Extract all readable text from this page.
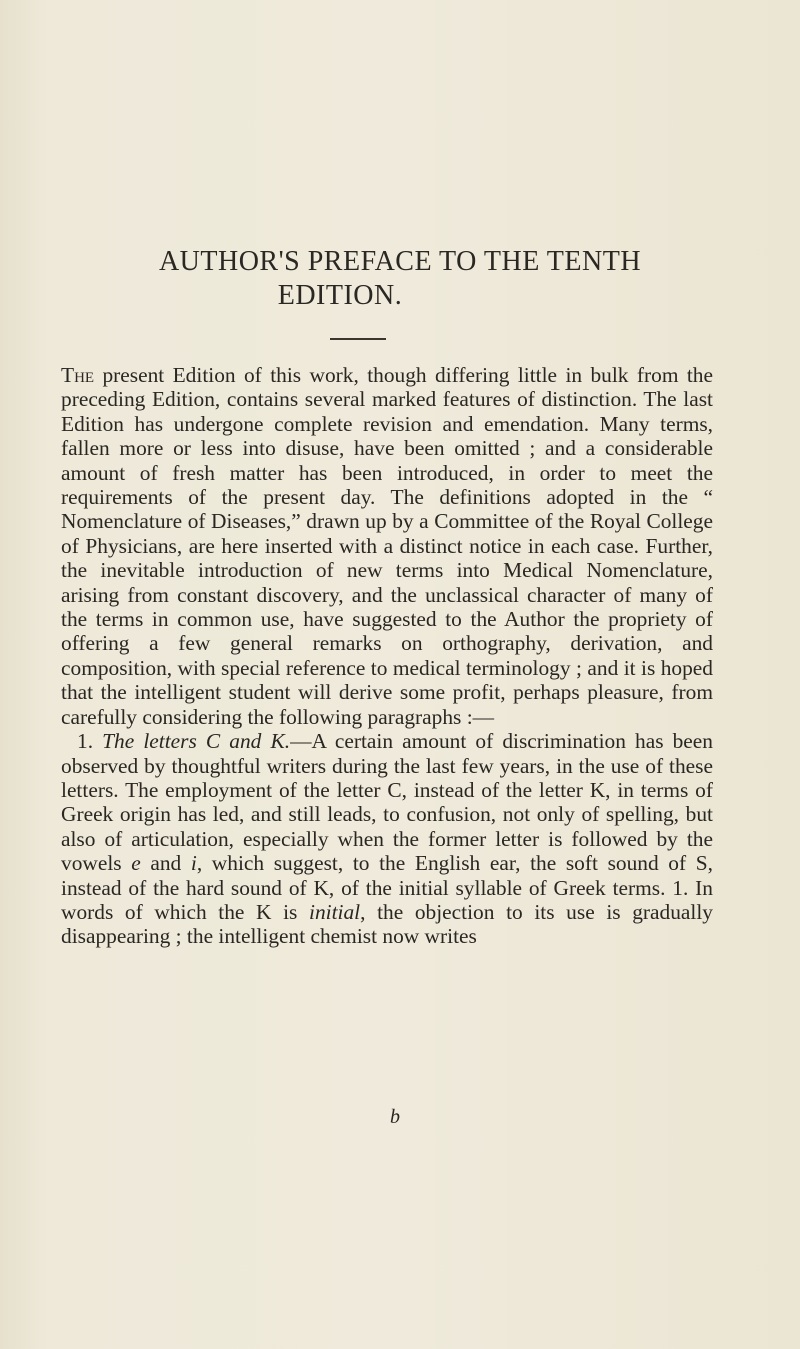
AUTHOR'S PREFACE TO THE TENTH
EDITION.

The present Edition of this work, though differing little in bulk from the preceding Edition, contains several marked features of distinction. The last Edition has undergone complete revision and emendation. Many terms, fallen more or less into disuse, have been omitted ; and a considerable amount of fresh matter has been introduced, in order to meet the requirements of the present day. The definitions adopted in the “ Nomenclature of Diseases,” drawn up by a Committee of the Royal College of Physicians, are here inserted with a distinct notice in each case. Further, the inevitable introduction of new terms into Medical Nomenclature, arising from constant discovery, and the unclassical character of many of the terms in common use, have suggested to the Author the propriety of offering a few general remarks on orthography, derivation, and composition, with special reference to medical terminology ; and it is hoped that the intelligent student will derive some profit, perhaps pleasure, from carefully considering the following paragraphs :—

1. The letters C and K.—A certain amount of discrimination has been observed by thoughtful writers during the last few years, in the use of these letters. The employment of the letter C, instead of the letter K, in terms of Greek origin has led, and still leads, to confusion, not only of spelling, but also of articulation, especially when the former letter is followed by the vowels e and i, which suggest, to the English ear, the soft sound of S, instead of the hard sound of K, of the initial syllable of Greek terms. 1. In words of which the K is initial, the objection to its use is gradually disappearing ; the intelligent chemist now writes

b
